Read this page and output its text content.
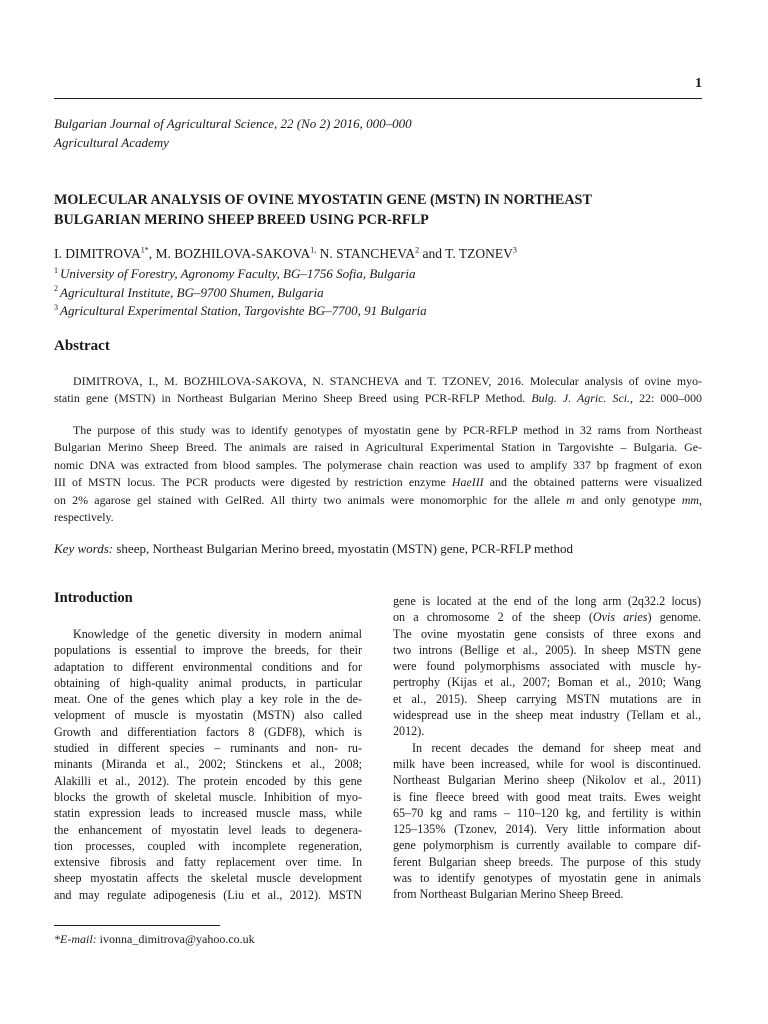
1
Bulgarian Journal of Agricultural Science, 22 (No 2) 2016, 000–000
Agricultural Academy
MOLECULAR ANALYSIS OF OVINE MYOSTATIN GENE (MSTN) IN NORTHEAST
BULGARIAN MERINO SHEEP BREED USING PCR-RFLP
I. $DIMITROVA^{1*}$, M. BOZHILOVA-$SAKOVA^{1,}$ N. STANCHEVA$^2$ and T. TZONEV$^3$
$^1$ University of Forestry, Agronomy Faculty, BG–1756 Sofia, Bulgaria
$^2$ Agricultural Institute, BG–9700 Shumen, Bulgaria
$^3$ Agricultural Experimental Station, Targovishte BG–7700, 91 Bulgaria
Abstract
DIMITROVA, I., M. BOZHILOVA-SAKOVA, N. STANCHEVA and T. TZONEV, 2016. Molecular analysis of ovine myo-
statin gene (MSTN) in Northeast Bulgarian Merino Sheep Breed using PCR-RFLP Method. Bulg. J. Agric. Sci., 22: 000–000
The purpose of this study was to identify genotypes of myostatin gene by PCR-RFLP method in 32 rams from Northeast
Bulgarian Merino Sheep Breed. The animals are raised in Agricultural Experimental Station in Targovishte – Bulgaria. Ge-
nomic DNA was extracted from blood samples. The polymerase chain reaction was used to amplify 337 bp fragment of exon
III of MSTN locus. The PCR products were digested by restriction enzyme HaeIII and the obtained patterns were visualized
on 2% agarose gel stained with GelRed. All thirty two animals were monomorphic for the allele m and only genotype mm,
respectively.
Key words: sheep, Northeast Bulgarian Merino breed, myostatin (MSTN) gene, PCR-RFLP method
Introduction
Knowledge of the genetic diversity in modern animal
populations is essential to improve the breeds, for their
adaptation to different environmental conditions and for
obtaining of high-quality animal products, in particular
meat. One of the genes which play a key role in the de-
velopment of muscle is myostatin (MSTN) also called
Growth and differentiation factors 8 (GDF8), which is
studied in different species – ruminants and non- ru-
minants (Miranda et al., 2002; Stinckens et al., 2008;
Alakilli et al., 2012). The protein encoded by this gene
blocks the growth of skeletal muscle. Inhibition of myo-
statin expression leads to increased muscle mass, while
the enhancement of myostatin level leads to degenera-
tion processes, coupled with incomplete regeneration,
extensive fibrosis and fatty replacement over time. In
sheep myostatin affects the skeletal muscle development
and may regulate adipogenesis (Liu et al., 2012). MSTN
gene is located at the end of the long arm (2q32.2 locus)
on a chromosome 2 of the sheep (Ovis aries) genome.
The ovine myostatin gene consists of three exons and
two introns (Bellige et al., 2005). In sheep MSTN gene
were found polymorphisms associated with muscle hy-
pertrophy (Kijas et al., 2007; Boman et al., 2010; Wang
et al., 2015). Sheep carrying MSTN mutations are in
widespread use in the sheep meat industry (Tellam et al.,
2012).
In recent decades the demand for sheep meat and
milk have been increased, while for wool is discontinued.
Northeast Bulgarian Merino sheep (Nikolov et al., 2011)
is fine fleece breed with good meat traits. Ewes weight
65–70 kg and rams – 110–120 kg, and fertility is within
125–135% (Tzonev, 2014). Very little information about
gene polymorphism is currently available to compare dif-
ferent Bulgarian sheep breeds. The purpose of this study
was to identify genotypes of myostatin gene in animals
from Northeast Bulgarian Merino Sheep Breed.
*E-mail: ivonna_dimitrova@yahoo.co.uk
